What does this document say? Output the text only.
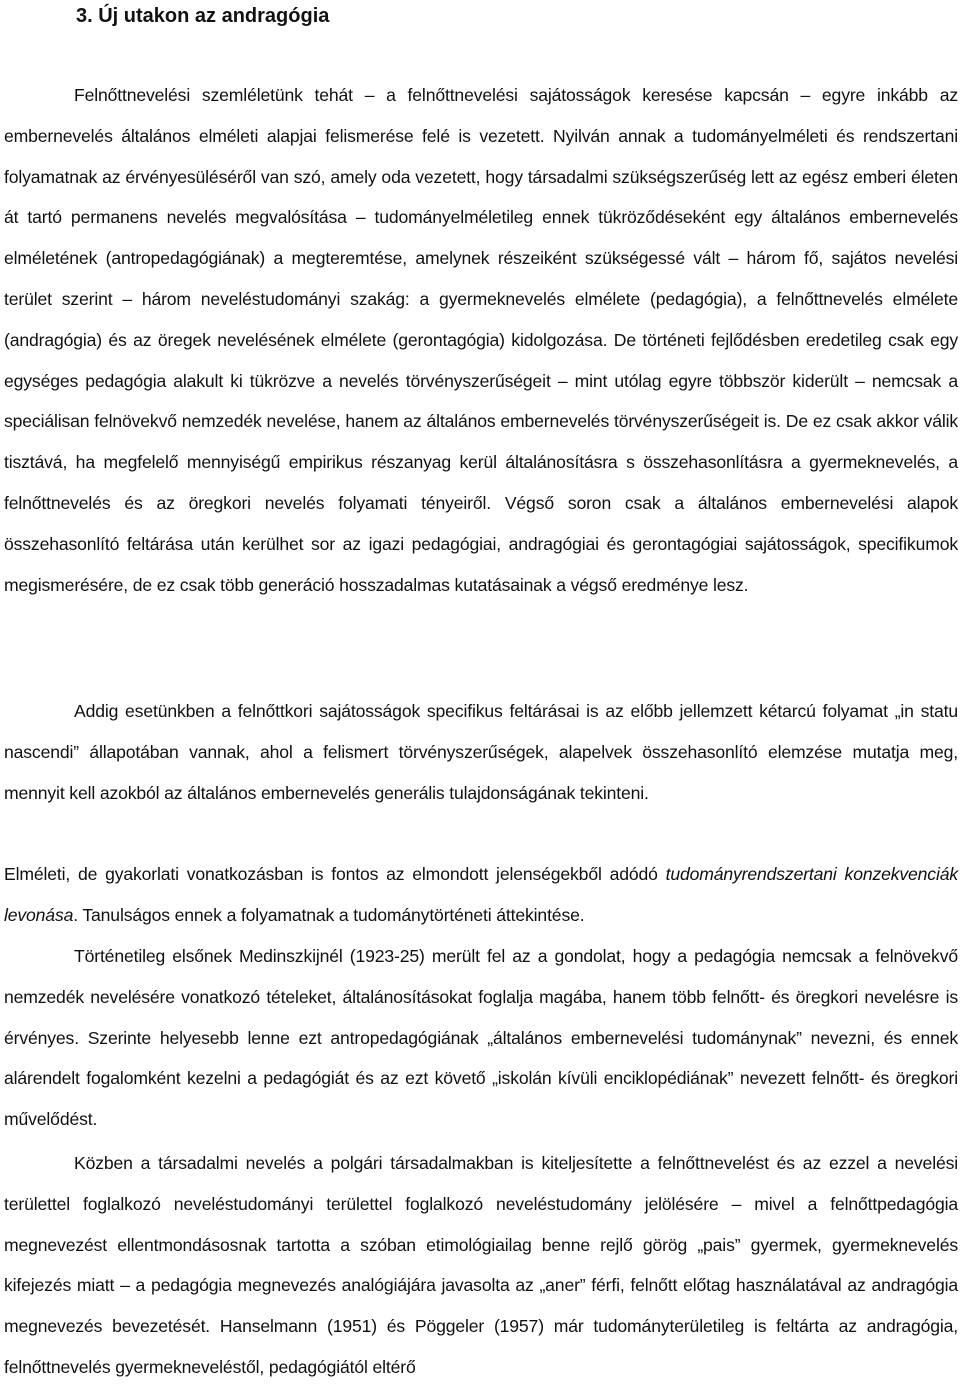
3. Új utakon az andragógia

Felnőttnevelési szemléletünk tehát – a felnőttnevelési sajátosságok keresése kapcsán – egyre inkább az embernevelés általános elméleti alapjai felismerése felé is vezetett. Nyilván annak a tudományelméleti és rendszertani folyamatnak az érvényesüléséről van szó, amely oda vezetett, hogy társadalmi szükségszerűség lett az egész emberi életen át tartó permanens nevelés megvalósítása – tudományelméletileg ennek tükröződéseként egy általános embernevelés elméletének (antropedagógiának) a megteremtése, amelynek részeiként szükségessé vált – három fő, sajátos nevelési terület szerint – három neveléstudományi szakág: a gyermeknevelés elmélete (pedagógia), a felnőttnevelés elmélete (andragógia) és az öregek nevelésének elmélete (gerontagógia) kidolgozása. De történeti fejlődésben eredetileg csak egy egységes pedagógia alakult ki tükrözve a nevelés törvényszerűségeit – mint utólag egyre többször kiderült – nemcsak a speciálisan felnövekvő nemzedék nevelése, hanem az általános embernevelés törvényszerűségeit is. De ez csak akkor válik tisztává, ha megfelelő mennyiségű empirikus részanyag kerül általánosításra s összehasonlításra a gyermeknevelés, a felnőttnevelés és az öregkori nevelés folyamati tényeiről. Végső soron csak a általános embernevelési alapok összehasonlító feltárása után kerülhet sor az igazi pedagógiai, andragógiai és gerontagógiai sajátosságok, specifikumok megismerésére, de ez csak több generáció hosszadalmas kutatásainak a végső eredménye lesz.

Addig esetünkben a felnőttkori sajátosságok specifikus feltárásai is az előbb jellemzett kétarcú folyamat „in statu nascendi” állapotában vannak, ahol a felismert törvényszerűségek, alapelvek összehasonlító elemzése mutatja meg, mennyit kell azokból az általános embernevelés generális tulajdonságának tekinteni.

Elméleti, de gyakorlati vonatkozásban is fontos az elmondott jelenségekből adódó tudományrendszertani konzekvenciák levonása. Tanulságos ennek a folyamatnak a tudománytörténeti áttekintése.

Történetileg elsőnek Medinszkijnél (1923-25) merült fel az a gondolat, hogy a pedagógia nemcsak a felnövekvő nemzedék nevelésére vonatkozó tételeket, általánosításokat foglalja magába, hanem több felnőtt- és öregkori nevelésre is érvényes. Szerinte helyesebb lenne ezt antropedagógiának „általános embernevelési tudománynak” nevezni, és ennek alárendelt fogalomként kezelni a pedagógiát és az ezt követő „iskolán kívüli enciklopédiának” nevezett felnőtt- és öregkori művelődést.

Közben a társadalmi nevelés a polgári társadalmakban is kiteljesítette a felnőttnevelést és az ezzel a nevelési területtel foglalkozó neveléstudományi területtel foglalkozó neveléstudomány jelölésére – mivel a felnőttpedagógia megnevezést ellentmondásosnak tartotta a szóban etimológiailag benne rejlő görög „pais” gyermek, gyermeknevelés kifejezés miatt – a pedagógia megnevezés analógiájára javasolta az „aner” férfi, felnőtt előtag használatával az andragógia megnevezés bevezetését. Hanselmann (1951) és Pöggeler (1957) már tudományterületileg is feltárta az andragógia, felnőttnevelés gyermekneveléstől, pedagógiától eltérő
